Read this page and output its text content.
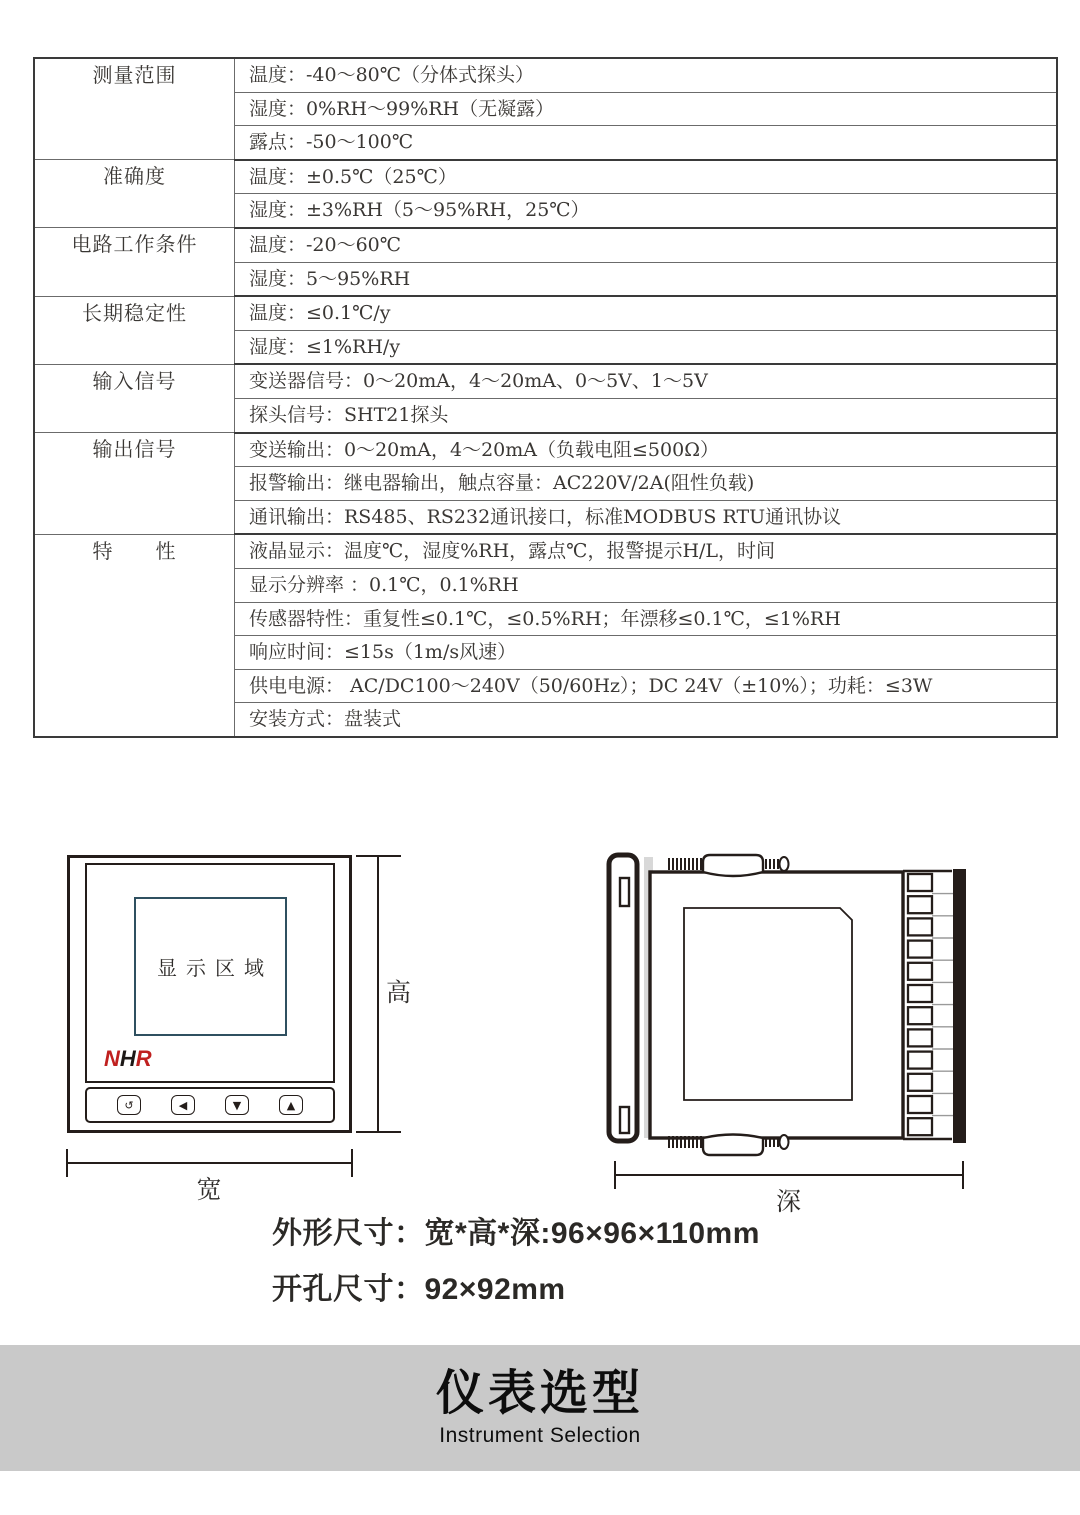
测量范围	温度：-40～80℃（分体式探头）
	湿度：0%RH～99%RH（无凝露）
	露点：-50～100℃
准确度	温度：±0.5℃（25℃）
	湿度：±3%RH（5～95%RH，25℃）
电路工作条件	温度：-20～60℃
	湿度：5～95%RH
长期稳定性	温度：≤0.1℃/y
	湿度：≤1%RH/y
输入信号	变送器信号：0～20mA，4～20mA、0～5V、1～5V
	探头信号：SHT21探头
输出信号	变送输出：0～20mA，4～20mA（负载电阻≤500Ω）
	报警输出：继电器输出，触点容量：AC220V/2A(阻性负载)
	通讯输出：RS485、RS232通讯接口，标准MODBUS RTU通讯协议
特　　性	液晶显示：温度℃，湿度%RH，露点℃，报警提示H/L，时间
	显示分辨率 ：0.1℃，0.1%RH
	传感器特性：重复性≤0.1℃，≤0.5%RH；年漂移≤0.1℃，≤1%RH
	响应时间：≤15s（1m/s风速）
	供电电源： AC/DC100～240V（50/60Hz）；DC 24V（±10%）；功耗：≤3W
	安装方式：盘装式
显示区域
NHR
↺	◀	▼	▲
高
宽	深
外形尺寸：宽*高*深:96×96×110mm
开孔尺寸：92×92mm
仪表选型
Instrument Selection
